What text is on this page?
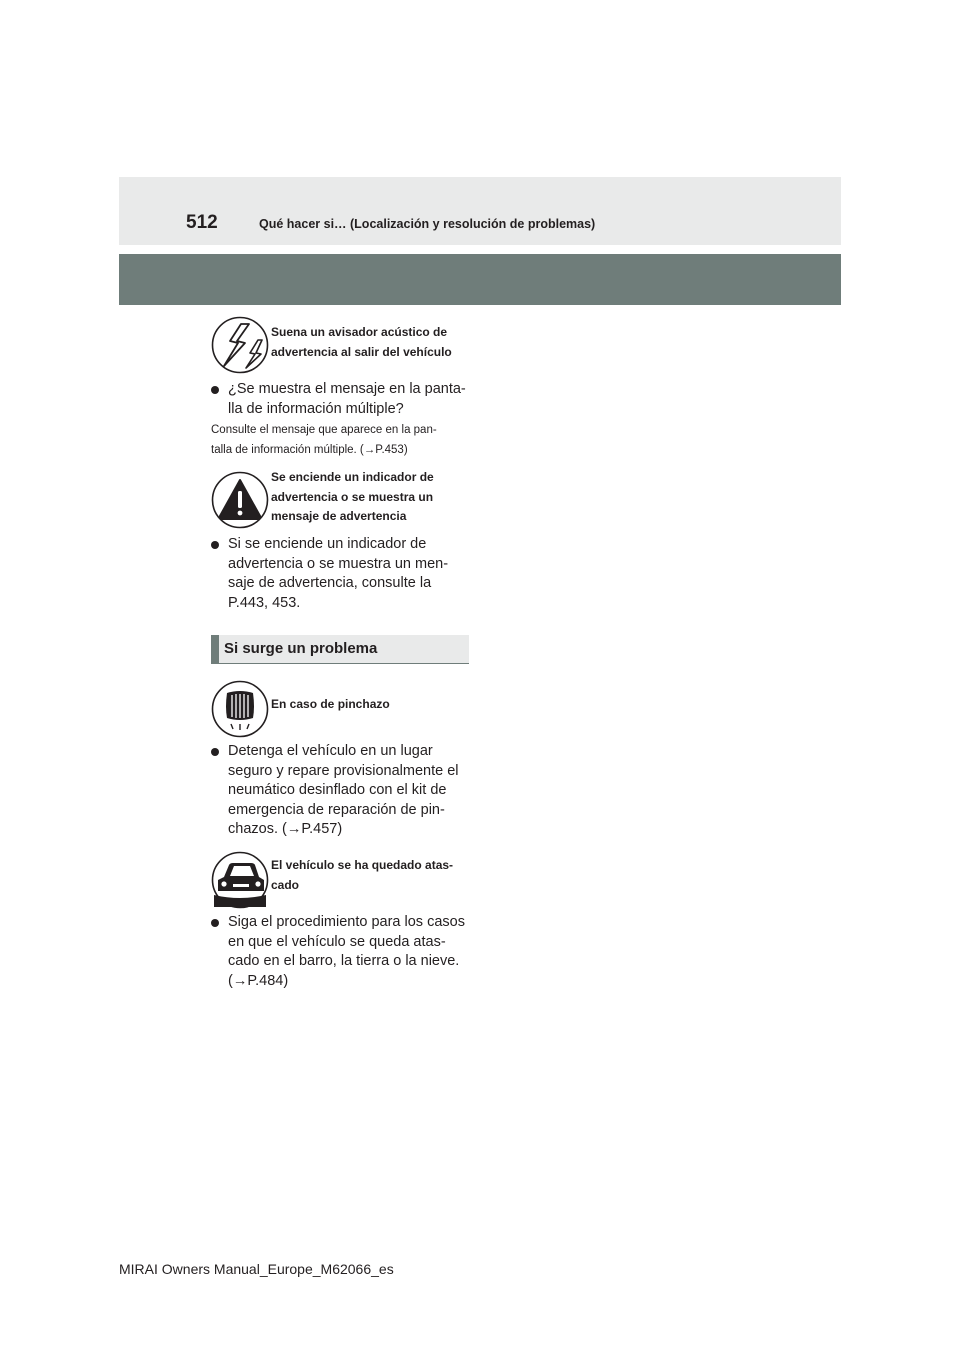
512	Qué hacer si… (Localización y resolución de problemas)
Suena un avisador acústico de
advertencia al salir del vehículo
¿Se muestra el mensaje en la panta-
lla de información múltiple?
Consulte el mensaje que aparece en la pan-
talla de información múltiple. (→P.453)
Se enciende un indicador de
advertencia o se muestra un
mensaje de advertencia
Si se enciende un indicador de
advertencia o se muestra un men-
saje de advertencia, consulte la
P.443, 453.
Si surge un problema
En caso de pinchazo
Detenga el vehículo en un lugar
seguro y repare provisionalmente el
neumático desinflado con el kit de
emergencia de reparación de pin-
chazos. (→P.457)
El vehículo se ha quedado atas-
cado
Siga el procedimiento para los casos
en que el vehículo se queda atas-
cado en el barro, la tierra o la nieve.
(→P.484)
MIRAI Owners Manual_Europe_M62066_es
